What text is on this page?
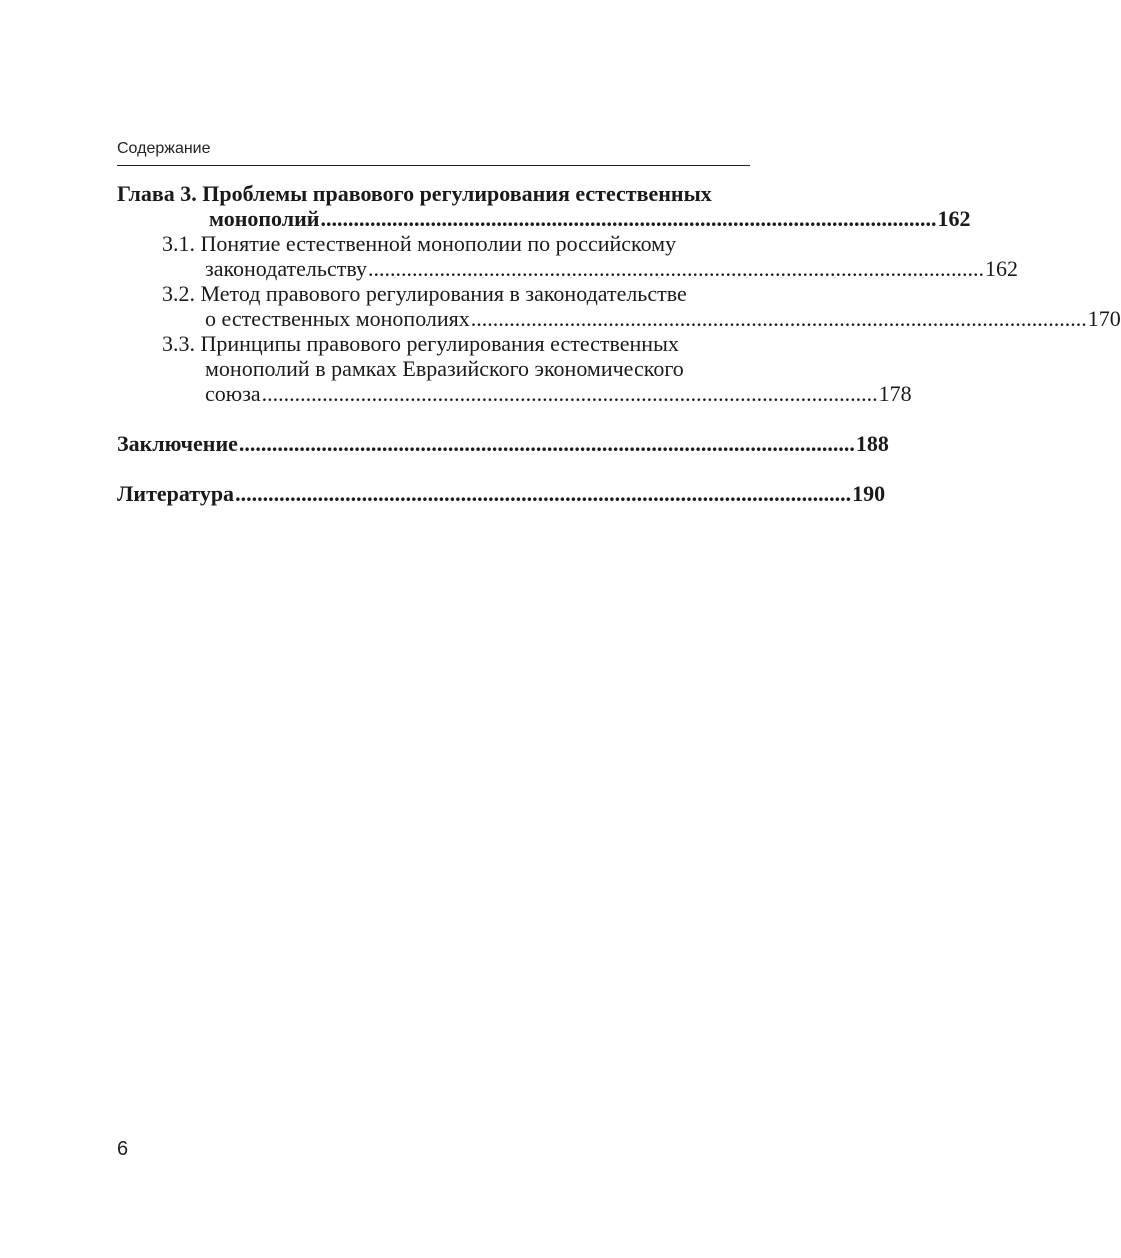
Содержание
Глава 3. Проблемы правового регулирования естественных
монополий ................................................................................................................ 162
3.1. Понятие естественной монополии по российскому
законодательству ................................................................................................................ 162
3.2. Метод правового регулирования в законодательстве
о естественных монополиях ................................................................................................................ 170
3.3. Принципы правового регулирования естественных
монополий в рамках Евразийского экономического
союза ................................................................................................................ 178
Заключение ................................................................................................................ 188
Литература ................................................................................................................ 190
6
